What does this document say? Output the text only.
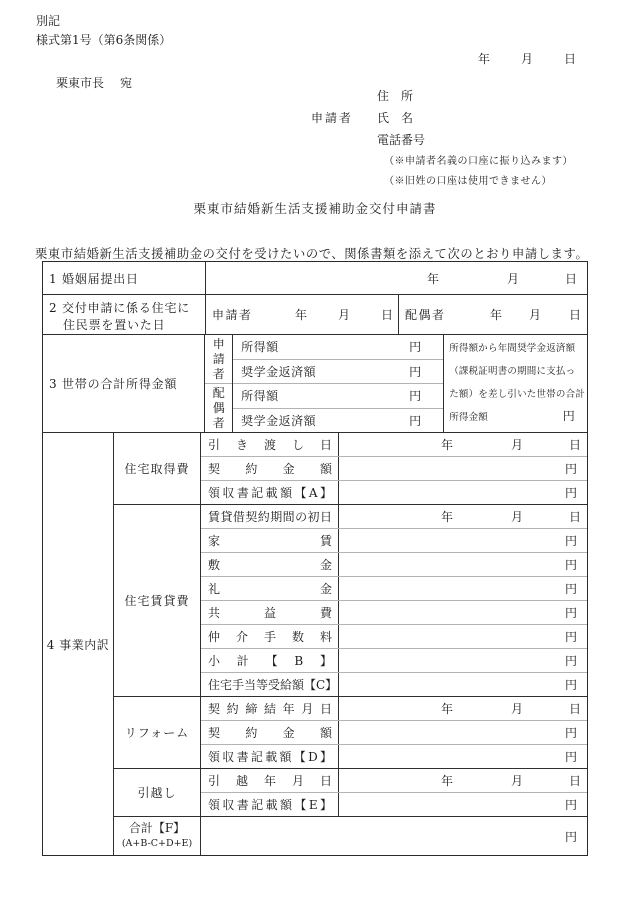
別記
様式第1号（第6条関係）
年	月	日
栗東市長 宛
申請者
住　所
氏　名
電話番号
（※申請者名義の口座に振り込みます）
（※旧姓の口座は使用できません）
栗東市結婚新生活支援補助金交付申請書
栗東市結婚新生活支援補助金の交付を受けたいので、関係書類を添えて次のとおり申請します。
1 婚姻届提出日	年	月	日
2 交付申請に係る住宅に
住民票を置いた日
申請者	年	月	日	配偶者	年 月 日
3 世帯の合計所得金額
申請者
配偶者
所得額	円
奨学金返済額	円
所得額	円
奨学金返済額	円
所得額から年間奨学金返済額
（課税証明書の期間に支払っ
た額）を差し引いた世帯の合計
所得金額	円
4 事業内訳
住宅取得費
引き渡し日	年	月	日
契約金額	円
領収書記載額【A】	円
住宅賃貸費
賃貸借契約期間の初日	年	月	日
家賃	円
敷金	円
礼金	円
共益費	円
仲介手数料	円
小計【B】	円
住宅手当等受給額【C】	円
リフォーム
契約締結年月日	年	月	日
契約金額	円
領収書記載額【D】	円
引越し
引越年月日	年	月	日
領収書記載額【E】	円
合計【F】
(A+B-C+D+E)	円
